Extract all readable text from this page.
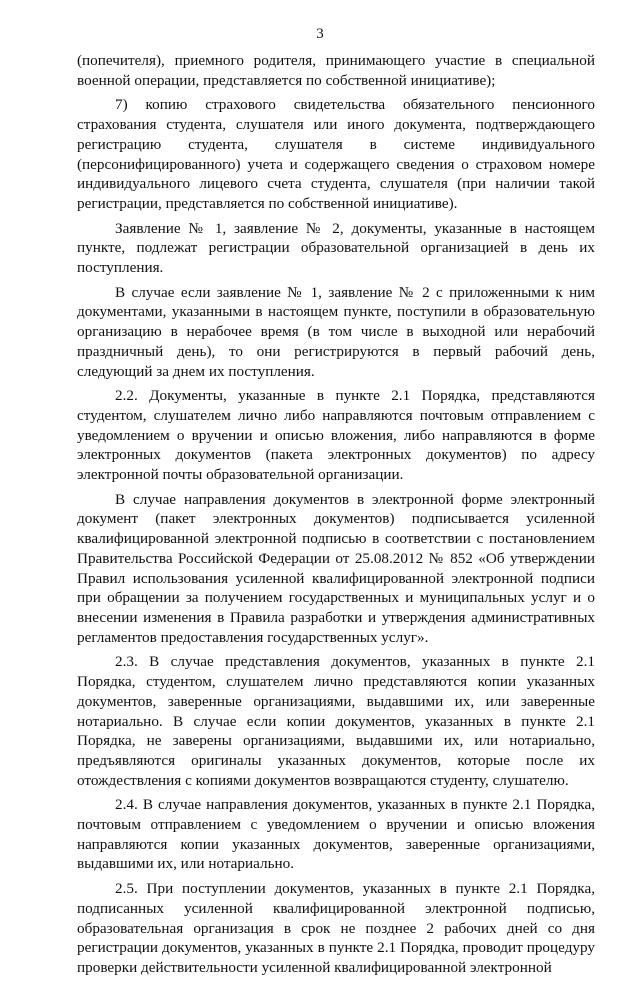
3

(попечителя), приемного родителя, принимающего участие в специальной военной операции, представляется по собственной инициативе);

7) копию страхового свидетельства обязательного пенсионного страхования студента, слушателя или иного документа, подтверждающего регистрацию студента, слушателя в системе индивидуального (персонифицированного) учета и содержащего сведения о страховом номере индивидуального лицевого счета студента, слушателя (при наличии такой регистрации, представляется по собственной инициативе).

Заявление № 1, заявление № 2, документы, указанные в настоящем пункте, подлежат регистрации образовательной организацией в день их поступления.

В случае если заявление № 1, заявление № 2 с приложенными к ним документами, указанными в настоящем пункте, поступили в образовательную организацию в нерабочее время (в том числе в выходной или нерабочий праздничный день), то они регистрируются в первый рабочий день, следующий за днем их поступления.

2.2. Документы, указанные в пункте 2.1 Порядка, представляются студентом, слушателем лично либо направляются почтовым отправлением с уведомлением о вручении и описью вложения, либо направляются в форме электронных документов (пакета электронных документов) по адресу электронной почты образовательной организации.

В случае направления документов в электронной форме электронный документ (пакет электронных документов) подписывается усиленной квалифицированной электронной подписью в соответствии с постановлением Правительства Российской Федерации от 25.08.2012 № 852 «Об утверждении Правил использования усиленной квалифицированной электронной подписи при обращении за получением государственных и муниципальных услуг и о внесении изменения в Правила разработки и утверждения административных регламентов предоставления государственных услуг».

2.3. В случае представления документов, указанных в пункте 2.1 Порядка, студентом, слушателем лично представляются копии указанных документов, заверенные организациями, выдавшими их, или заверенные нотариально. В случае если копии документов, указанных в пункте 2.1 Порядка, не заверены организациями, выдавшими их, или нотариально, предъявляются оригиналы указанных документов, которые после их отождествления с копиями документов возвращаются студенту, слушателю.

2.4. В случае направления документов, указанных в пункте 2.1 Порядка, почтовым отправлением с уведомлением о вручении и описью вложения направляются копии указанных документов, заверенные организациями, выдавшими их, или нотариально.

2.5. При поступлении документов, указанных в пункте 2.1 Порядка, подписанных усиленной квалифицированной электронной подписью, образовательная организация в срок не позднее 2 рабочих дней со дня регистрации документов, указанных в пункте 2.1 Порядка, проводит процедуру проверки действительности усиленной квалифицированной электронной
